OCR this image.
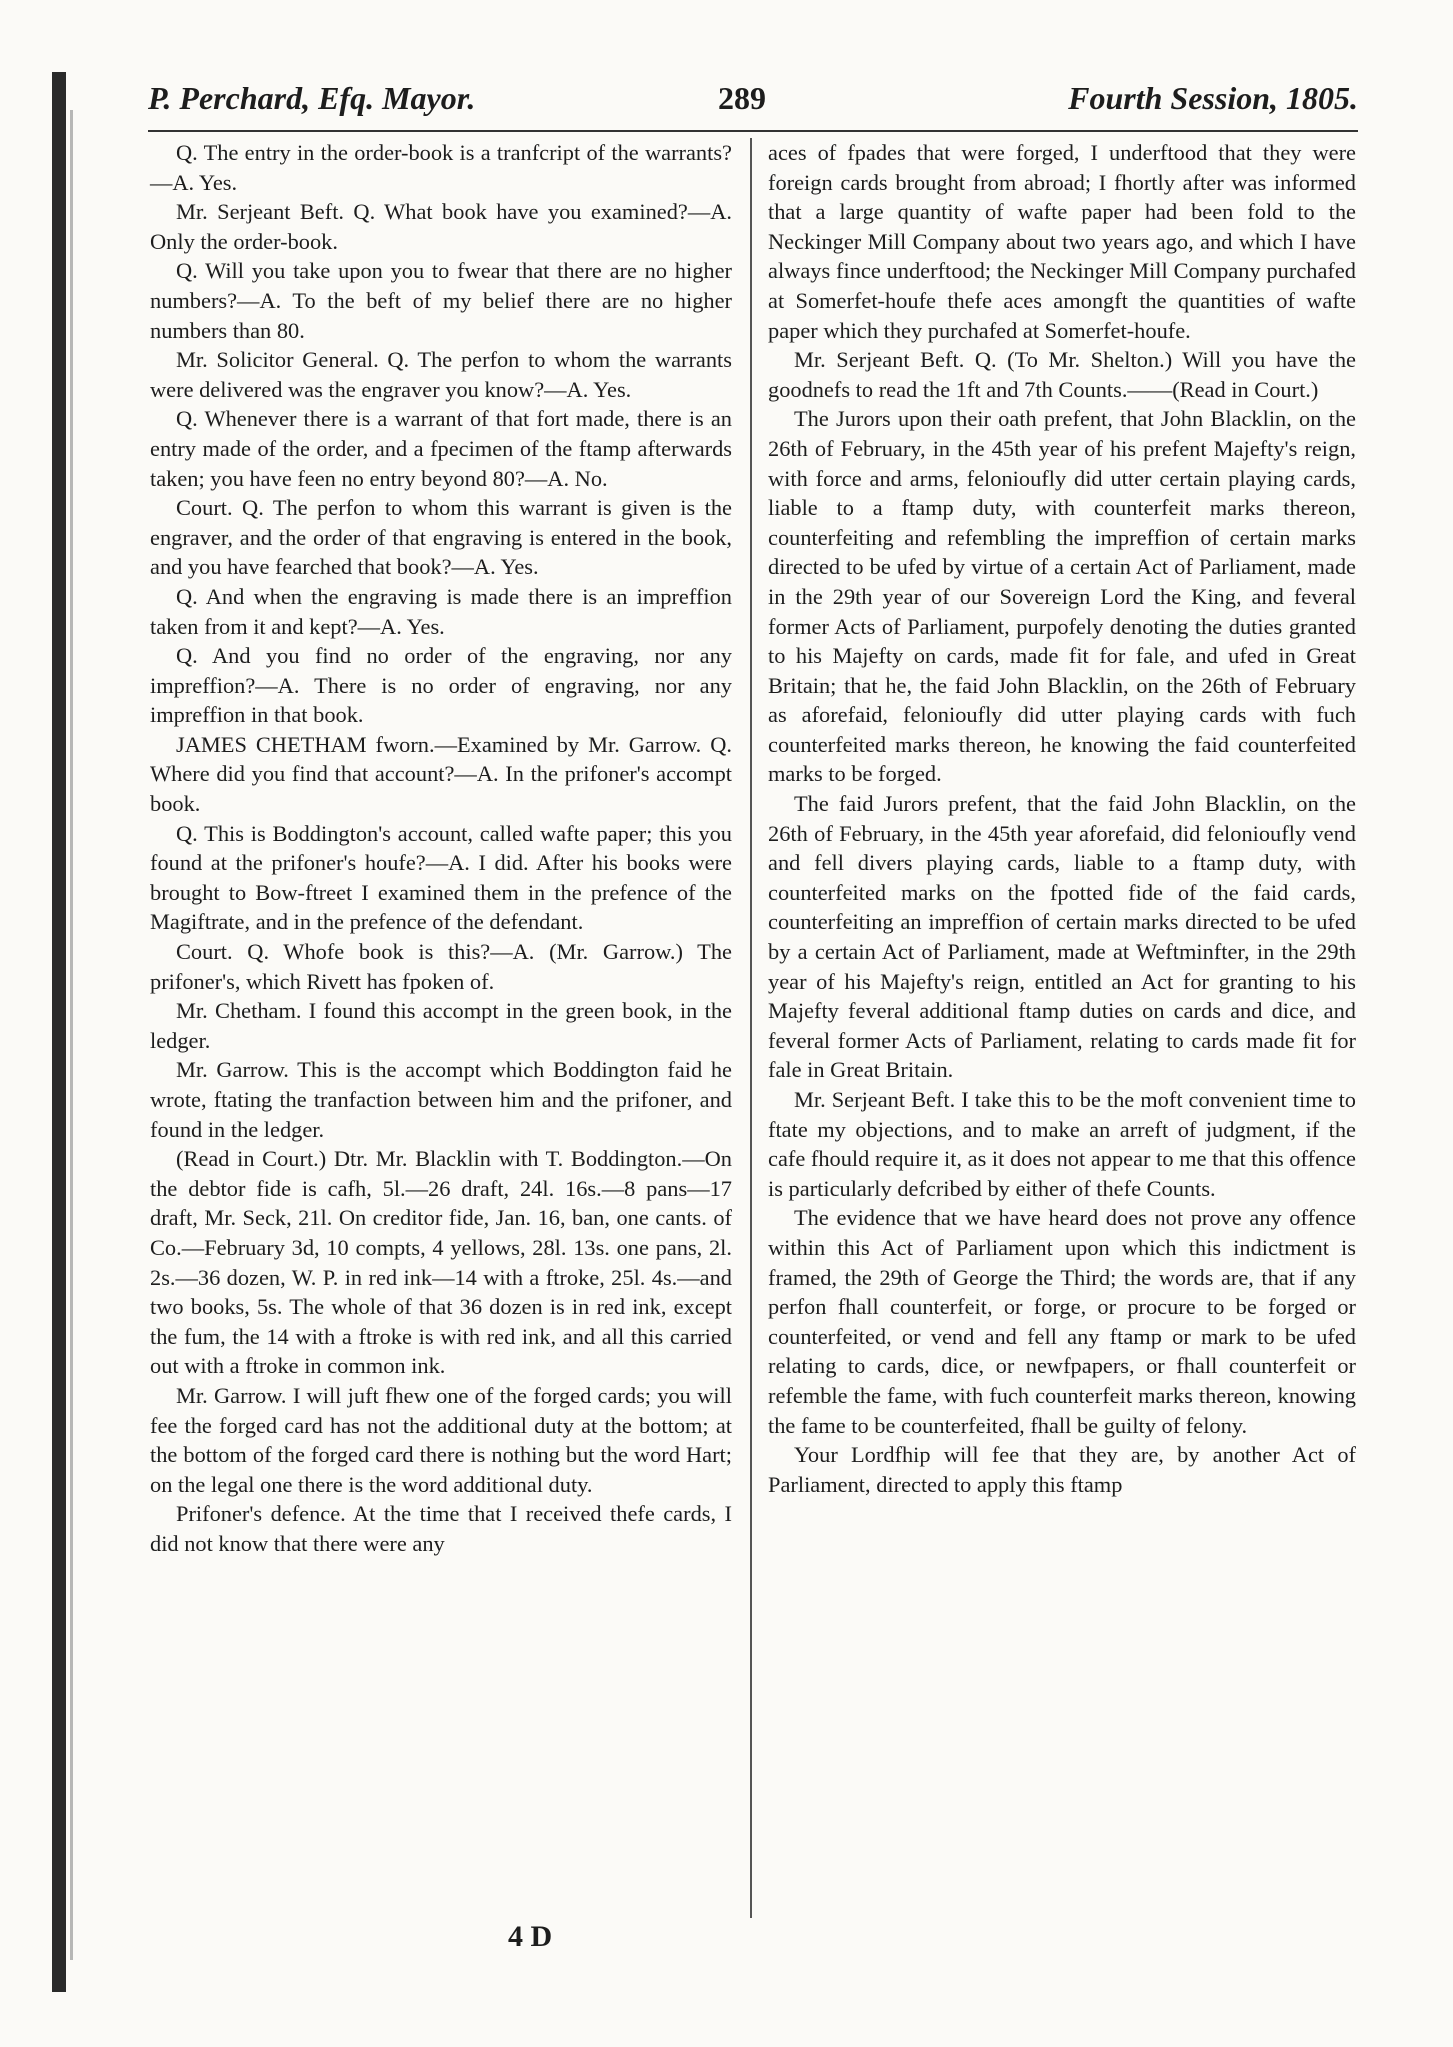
P. Perchard, Efq. Mayor.	289	Fourth Session, 1805.

Q. The entry in the order-book is a tranfcript of the warrants?—A. Yes.

Mr. Serjeant Beft. Q. What book have you examined?—A. Only the order-book.

Q. Will you take upon you to fwear that there are no higher numbers?—A. To the beft of my belief there are no higher numbers than 80.

Mr. Solicitor General. Q. The perfon to whom the warrants were delivered was the engraver you know?—A. Yes.

Q. Whenever there is a warrant of that fort made, there is an entry made of the order, and a fpecimen of the ftamp afterwards taken; you have feen no entry beyond 80?—A. No.

Court. Q. The perfon to whom this warrant is given is the engraver, and the order of that engraving is entered in the book, and you have fearched that book?—A. Yes.

Q. And when the engraving is made there is an impreffion taken from it and kept?—A. Yes.

Q. And you find no order of the engraving, nor any impreffion?—A. There is no order of engraving, nor any impreffion in that book.

JAMES CHETHAM fworn.—Examined by Mr. Garrow. Q. Where did you find that account?—A. In the prifoner's accompt book.

Q. This is Boddington's account, called wafte paper; this you found at the prifoner's houfe?—A. I did. After his books were brought to Bow-ftreet I examined them in the prefence of the Magiftrate, and in the prefence of the defendant.

Court. Q. Whofe book is this?—A. (Mr. Garrow.) The prifoner's, which Rivett has fpoken of.

Mr. Chetham. I found this accompt in the green book, in the ledger.

Mr. Garrow. This is the accompt which Boddington faid he wrote, ftating the tranfaction between him and the prifoner, and found in the ledger.

(Read in Court.) Dtr. Mr. Blacklin with T. Boddington.—On the debtor fide is cafh, 5l.—26 draft, 24l. 16s.—8 pans—17 draft, Mr. Seck, 21l. On creditor fide, Jan. 16, ban, one cants. of Co.—February 3d, 10 compts, 4 yellows, 28l. 13s. one pans, 2l. 2s.—36 dozen, W. P. in red ink—14 with a ftroke, 25l. 4s.—and two books, 5s. The whole of that 36 dozen is in red ink, except the fum, the 14 with a ftroke is with red ink, and all this carried out with a ftroke in common ink.

Mr. Garrow. I will juft fhew one of the forged cards; you will fee the forged card has not the additional duty at the bottom; at the bottom of the forged card there is nothing but the word Hart; on the legal one there is the word additional duty.

Prifoner's defence. At the time that I received thefe cards, I did not know that there were any

aces of fpades that were forged, I underftood that they were foreign cards brought from abroad; I fhortly after was informed that a large quantity of wafte paper had been fold to the Neckinger Mill Company about two years ago, and which I have always fince underftood; the Neckinger Mill Company purchafed at Somerfet-houfe thefe aces amongft the quantities of wafte paper which they purchafed at Somerfet-houfe.

Mr. Serjeant Beft. Q. (To Mr. Shelton.) Will you have the goodnefs to read the 1ft and 7th Counts.——(Read in Court.)

The Jurors upon their oath prefent, that John Blacklin, on the 26th of February, in the 45th year of his prefent Majefty's reign, with force and arms, felonioufly did utter certain playing cards, liable to a ftamp duty, with counterfeit marks thereon, counterfeiting and refembling the impreffion of certain marks directed to be ufed by virtue of a certain Act of Parliament, made in the 29th year of our Sovereign Lord the King, and feveral former Acts of Parliament, purpofely denoting the duties granted to his Majefty on cards, made fit for fale, and ufed in Great Britain; that he, the faid John Blacklin, on the 26th of February as aforefaid, felonioufly did utter playing cards with fuch counterfeited marks thereon, he knowing the faid counterfeited marks to be forged.

The faid Jurors prefent, that the faid John Blacklin, on the 26th of February, in the 45th year aforefaid, did felonioufly vend and fell divers playing cards, liable to a ftamp duty, with counterfeited marks on the fpotted fide of the faid cards, counterfeiting an impreffion of certain marks directed to be ufed by a certain Act of Parliament, made at Weftminfter, in the 29th year of his Majefty's reign, entitled an Act for granting to his Majefty feveral additional ftamp duties on cards and dice, and feveral former Acts of Parliament, relating to cards made fit for fale in Great Britain.

Mr. Serjeant Beft. I take this to be the moft convenient time to ftate my objections, and to make an arreft of judgment, if the cafe fhould require it, as it does not appear to me that this offence is particularly defcribed by either of thefe Counts.

The evidence that we have heard does not prove any offence within this Act of Parliament upon which this indictment is framed, the 29th of George the Third; the words are, that if any perfon fhall counterfeit, or forge, or procure to be forged or counterfeited, or vend and fell any ftamp or mark to be ufed relating to cards, dice, or newfpapers, or fhall counterfeit or refemble the fame, with fuch counterfeit marks thereon, knowing the fame to be counterfeited, fhall be guilty of felony.

Your Lordfhip will fee that they are, by another Act of Parliament, directed to apply this ftamp

4 D
